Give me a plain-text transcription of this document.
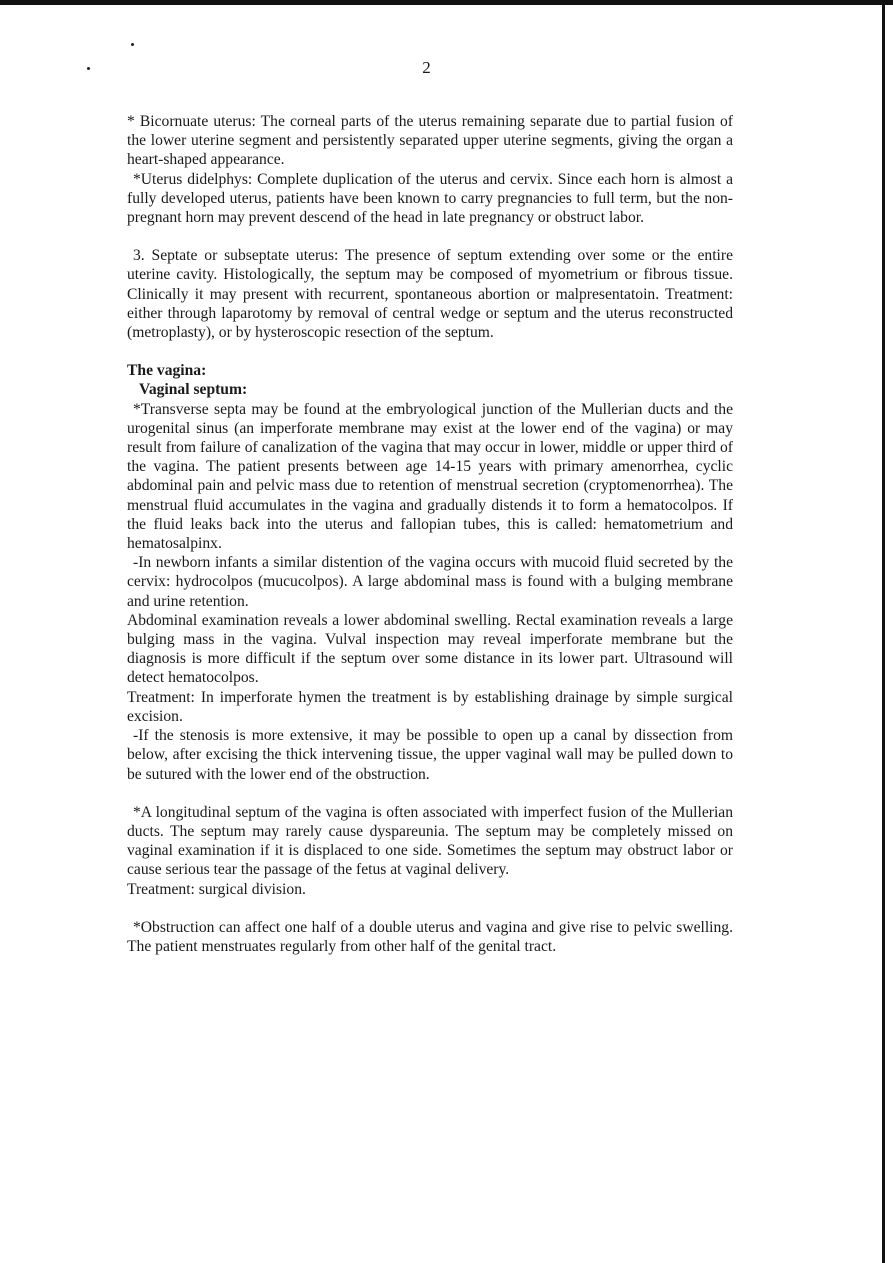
2

* Bicornuate uterus: The corneal parts of the uterus remaining separate due to partial fusion of the lower uterine segment and persistently separated upper uterine segments, giving the organ a heart-shaped appearance.

*Uterus didelphys: Complete duplication of the uterus and cervix. Since each horn is almost a fully developed uterus, patients have been known to carry pregnancies to full term, but the non-pregnant horn may prevent descend of the head in late pregnancy or obstruct labor.

3. Septate or subseptate uterus: The presence of septum extending over some or the entire uterine cavity. Histologically, the septum may be composed of myometrium or fibrous tissue. Clinically it may present with recurrent, spontaneous abortion or malpresentatoin. Treatment: either through laparotomy by removal of central wedge or septum and the uterus reconstructed (metroplasty), or by hysteroscopic resection of the septum.

The vagina:

Vaginal septum:

*Transverse septa may be found at the embryological junction of the Mullerian ducts and the urogenital sinus (an imperforate membrane may exist at the lower end of the vagina) or may result from failure of canalization of the vagina that may occur in lower, middle or upper third of the vagina. The patient presents between age 14-15 years with primary amenorrhea, cyclic abdominal pain and pelvic mass due to retention of menstrual secretion (cryptomenorrhea). The menstrual fluid accumulates in the vagina and gradually distends it to form a hematocolpos. If the fluid leaks back into the uterus and fallopian tubes, this is called: hematometrium and hematosalpinx.

-In newborn infants a similar distention of the vagina occurs with mucoid fluid secreted by the cervix: hydrocolpos (mucucolpos). A large abdominal mass is found with a bulging membrane and urine retention.

Abdominal examination reveals a lower abdominal swelling. Rectal examination reveals a large bulging mass in the vagina. Vulval inspection may reveal imperforate membrane but the diagnosis is more difficult if the septum over some distance in its lower part. Ultrasound will detect hematocolpos.

Treatment: In imperforate hymen the treatment is by establishing drainage by simple surgical excision.

-If the stenosis is more extensive, it may be possible to open up a canal by dissection from below, after excising the thick intervening tissue, the upper vaginal wall may be pulled down to be sutured with the lower end of the obstruction.

*A longitudinal septum of the vagina is often associated with imperfect fusion of the Mullerian ducts. The septum may rarely cause dyspareunia. The septum may be completely missed on vaginal examination if it is displaced to one side. Sometimes the septum may obstruct labor or cause serious tear the passage of the fetus at vaginal delivery.

Treatment: surgical division.

*Obstruction can affect one half of a double uterus and vagina and give rise to pelvic swelling. The patient menstruates regularly from other half of the genital tract.
